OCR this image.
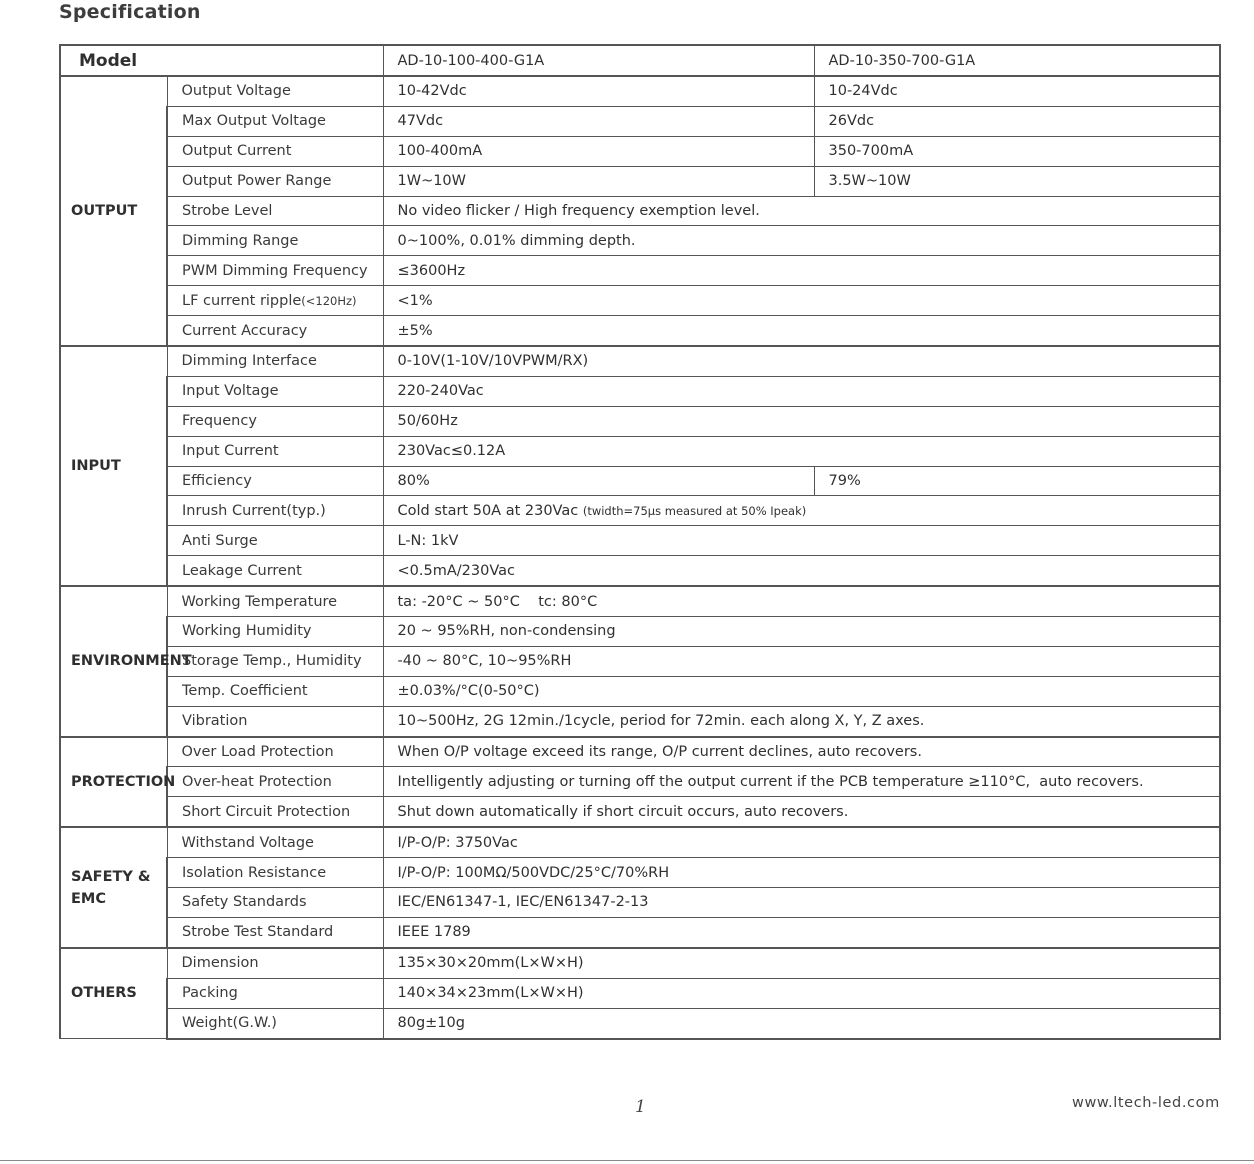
Specification
Model		AD-10-100-400-G1A	AD-10-350-700-G1A
OUTPUT	Output Voltage	10-42Vdc	10-24Vdc
	Max Output Voltage	47Vdc	26Vdc
	Output Current	100-400mA	350-700mA
	Output Power Range	1W~10W	3.5W~10W
	Strobe Level	No video flicker / High frequency exemption level.	
	Dimming Range	0~100%, 0.01% dimming depth.	
	PWM Dimming Frequency	≤3600Hz	
	LF current ripple(<120Hz)	<1%	
	Current Accuracy	±5%	
INPUT	Dimming Interface	0-10V(1-10V/10VPWM/RX)	
	Input Voltage	220-240Vac	
	Frequency	50/60Hz	
	Input Current	230Vac≤0.12A	
	Efficiency	80%	79%
	Inrush Current(typ.)	Cold start 50A at 230Vac (twidth=75μs measured at 50% Ipeak)	
	Anti Surge	L-N: 1kV	
	Leakage Current	<0.5mA/230Vac	
ENVIRONMENT	Working Temperature	ta: -20°C ~ 50°C    tc: 80°C	
	Working Humidity	20 ~ 95%RH, non-condensing	
	Storage Temp., Humidity	-40 ~ 80°C, 10~95%RH	
	Temp. Coefficient	±0.03%/°C(0-50°C)	
	Vibration	10~500Hz, 2G 12min./1cycle, period for 72min. each along X, Y, Z axes.	
PROTECTION	Over Load Protection	When O/P voltage exceed its range, O/P current declines, auto recovers.	
	Over-heat Protection	Intelligently adjusting or turning off the output current if the PCB temperature ≥110°C,  auto recovers.	
	Short Circuit Protection	Shut down automatically if short circuit occurs, auto recovers.	
SAFETY &
EMC	Withstand Voltage	I/P-O/P: 3750Vac	
	Isolation Resistance	I/P-O/P: 100MΩ/500VDC/25°C/70%RH	
	Safety Standards	IEC/EN61347-1, IEC/EN61347-2-13	
	Strobe Test Standard	IEEE 1789	
OTHERS	Dimension	135×30×20mm(L×W×H)	
	Packing	140×34×23mm(L×W×H)	
	Weight(G.W.)	80g±10g	
1	www.ltech-led.com
